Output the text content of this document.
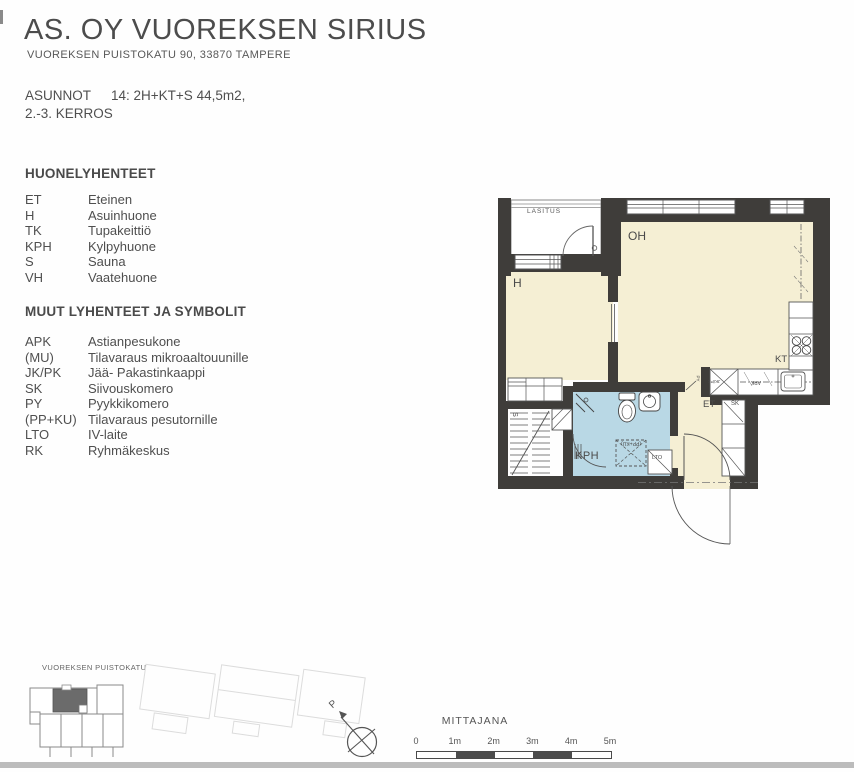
AS. OY VUOREKSEN SIRIUS
VUOREKSEN PUISTOKATU 90, 33870 TAMPERE
ASUNNOT 14: 2H+KT+S 44,5m2,
2.-3. KERROS
HUONELYHENTEET
ET	Eteinen
H	Asuinhuone
TK	Tupakeittiö
KPH	Kylpyhuone
S	Sauna
VH	Vaatehuone
MUUT LYHENTEET JA SYMBOLIT
APK	Astianpesukone
(MU)	Tilavaraus mikroaaltouunille
JK/PK	Jää- Pakastinkaappi
SK	Siivouskomero
PY	Pyykkikomero
(PP+KU) Tilavaraus pesutornille
LTO	IV-laite
RK	Ryhmäkeskus
LASITUS
OH
H
KT
ET	SK
KPH
(PP+KU)
LTO
S
JK/PK	APK
PY
VUOREKSEN PUISTOKATU
P
MITTAJANA
0	1m	2m	3m	4m	5m
